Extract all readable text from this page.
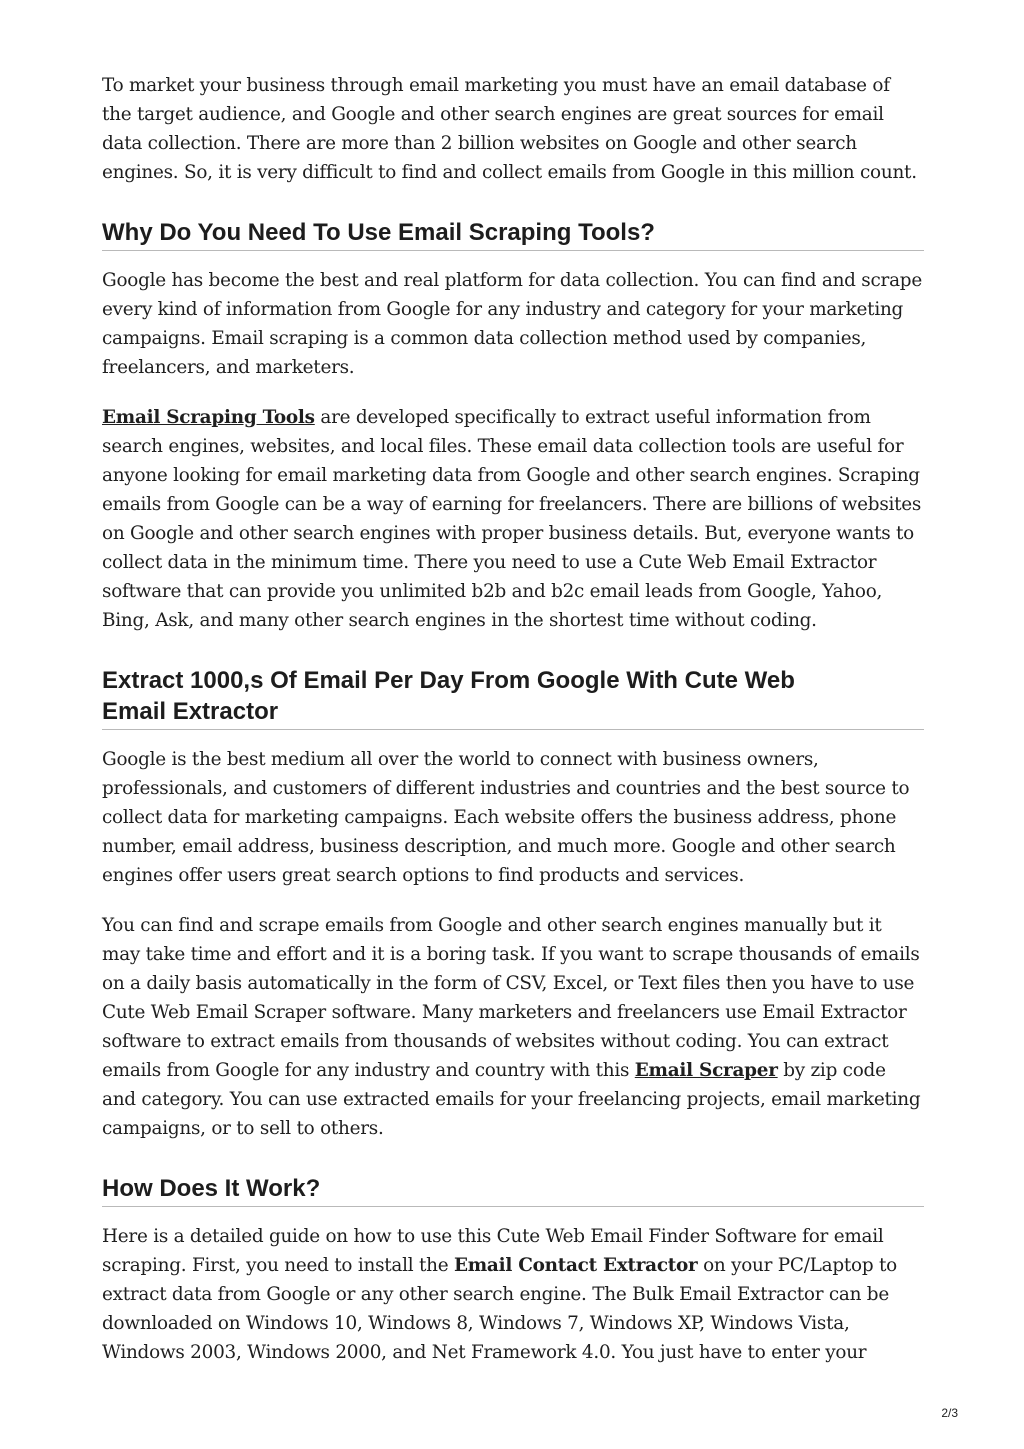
To market your business through email marketing you must have an email database of the target audience, and Google and other search engines are great sources for email data collection. There are more than 2 billion websites on Google and other search engines. So, it is very difficult to find and collect emails from Google in this million count.

Why Do You Need To Use Email Scraping Tools?

Google has become the best and real platform for data collection. You can find and scrape every kind of information from Google for any industry and category for your marketing campaigns. Email scraping is a common data collection method used by companies, freelancers, and marketers.

Email Scraping Tools are developed specifically to extract useful information from search engines, websites, and local files. These email data collection tools are useful for anyone looking for email marketing data from Google and other search engines. Scraping emails from Google can be a way of earning for freelancers. There are billions of websites on Google and other search engines with proper business details. But, everyone wants to collect data in the minimum time. There you need to use a Cute Web Email Extractor software that can provide you unlimited b2b and b2c email leads from Google, Yahoo, Bing, Ask, and many other search engines in the shortest time without coding.

Extract 1000,s Of Email Per Day From Google With Cute Web
Email Extractor

Google is the best medium all over the world to connect with business owners, professionals, and customers of different industries and countries and the best source to collect data for marketing campaigns. Each website offers the business address, phone number, email address, business description, and much more. Google and other search engines offer users great search options to find products and services.

You can find and scrape emails from Google and other search engines manually but it may take time and effort and it is a boring task. If you want to scrape thousands of emails on a daily basis automatically in the form of CSV, Excel, or Text files then you have to use Cute Web Email Scraper software. Many marketers and freelancers use Email Extractor software to extract emails from thousands of websites without coding. You can extract emails from Google for any industry and country with this Email Scraper by zip code and category. You can use extracted emails for your freelancing projects, email marketing campaigns, or to sell to others.

How Does It Work?

Here is a detailed guide on how to use this Cute Web Email Finder Software for email scraping. First, you need to install the Email Contact Extractor on your PC/Laptop to extract data from Google or any other search engine. The Bulk Email Extractor can be downloaded on Windows 10, Windows 8, Windows 7, Windows XP, Windows Vista, Windows 2003, Windows 2000, and Net Framework 4.0. You just have to enter your

2/3
